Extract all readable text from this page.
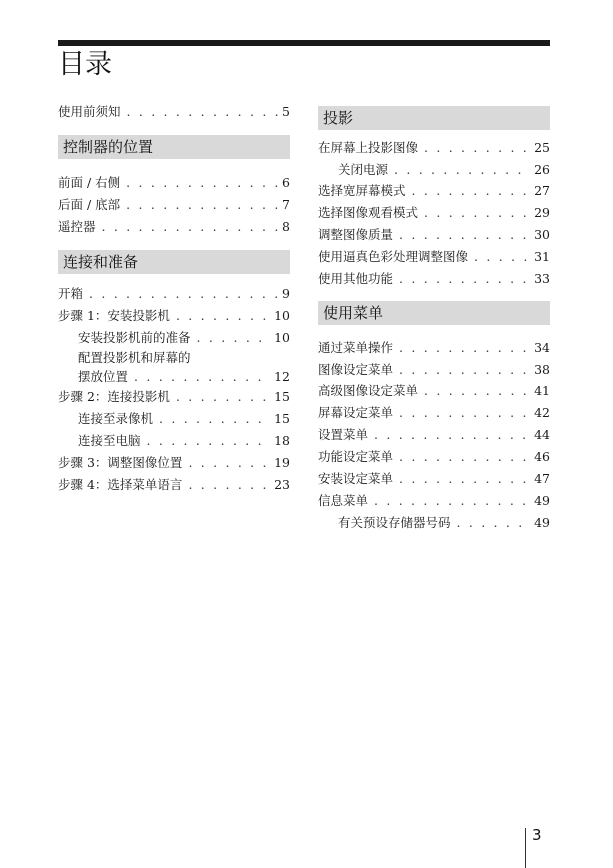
目录
使用前须知 . . .	5
控制器的位置
前面 / 右侧 . . .	6
后面 / 底部 . . .	7
遥控器 . . .	8
连接和准备
开箱 . . .	9
步骤 1：安装投影机 . . .	10
安装投影机前的准备 . . .	10
配置投影机和屏幕的
摆放位置 . . .	12
步骤 2：连接投影机 . . .	15
连接至录像机 . . .	15
连接至电脑 . . .	18
步骤 3：调整图像位置 . . .	19
步骤 4：选择菜单语言 . . .	23
投影
在屏幕上投影图像 . . .	25
关闭电源 . . .	26
选择宽屏幕模式 . . .	27
选择图像观看模式 . . .	29
调整图像质量 . . .	30
使用逼真色彩处理调整图像 . . .	31
使用其他功能 . . .	33
使用菜单
通过菜单操作 . . .	34
图像设定菜单 . . .	38
高级图像设定菜单 . . .	41
屏幕设定菜单 . . .	42
设置菜单 . . .	44
功能设定菜单 . . .	46
安装设定菜单 . . .	47
信息菜单 . . .	49
有关预设存储器号码 . . .	49
3
